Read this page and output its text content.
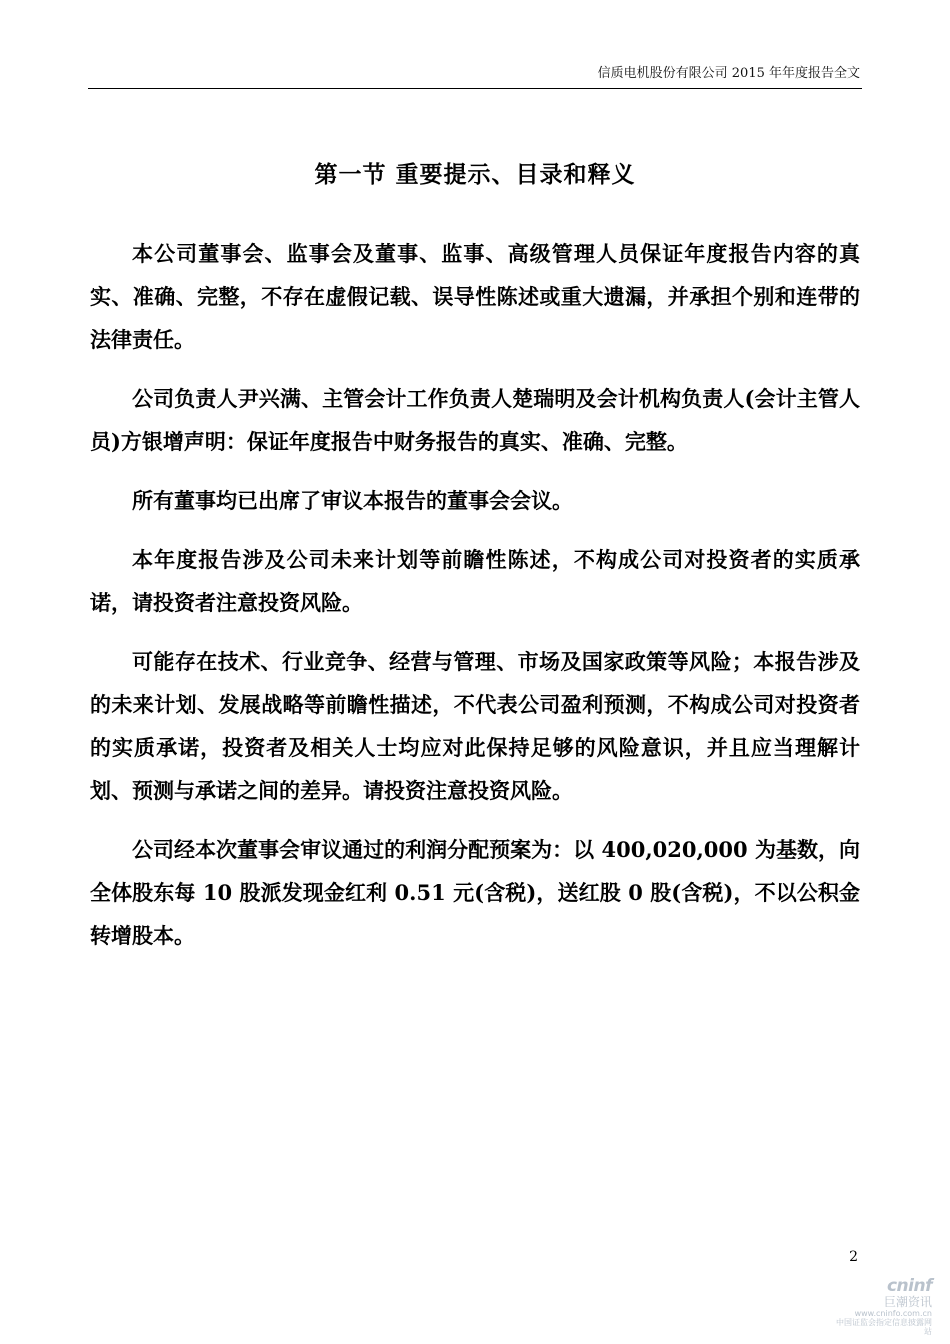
信质电机股份有限公司 2015 年年度报告全文
第一节 重要提示、目录和释义

本公司董事会、监事会及董事、监事、高级管理人员保证年度报告内容的真实、准确、完整，不存在虚假记载、误导性陈述或重大遗漏，并承担个别和连带的法律责任。

公司负责人尹兴满、主管会计工作负责人楚瑞明及会计机构负责人(会计主管人员)方银增声明：保证年度报告中财务报告的真实、准确、完整。

所有董事均已出席了审议本报告的董事会会议。

本年度报告涉及公司未来计划等前瞻性陈述，不构成公司对投资者的实质承诺，请投资者注意投资风险。

可能存在技术、行业竞争、经营与管理、市场及国家政策等风险；本报告涉及的未来计划、发展战略等前瞻性描述，不代表公司盈利预测，不构成公司对投资者的实质承诺，投资者及相关人士均应对此保持足够的风险意识，并且应当理解计划、预测与承诺之间的差异。请投资注意投资风险。

公司经本次董事会审议通过的利润分配预案为：以 400,020,000 为基数，向全体股东每 10 股派发现金红利 0.51 元(含税)，送红股 0 股(含税)，不以公积金转增股本。

2
cninf
巨潮资讯
www.cninfo.com.cn
中国证监会指定信息披露网站
